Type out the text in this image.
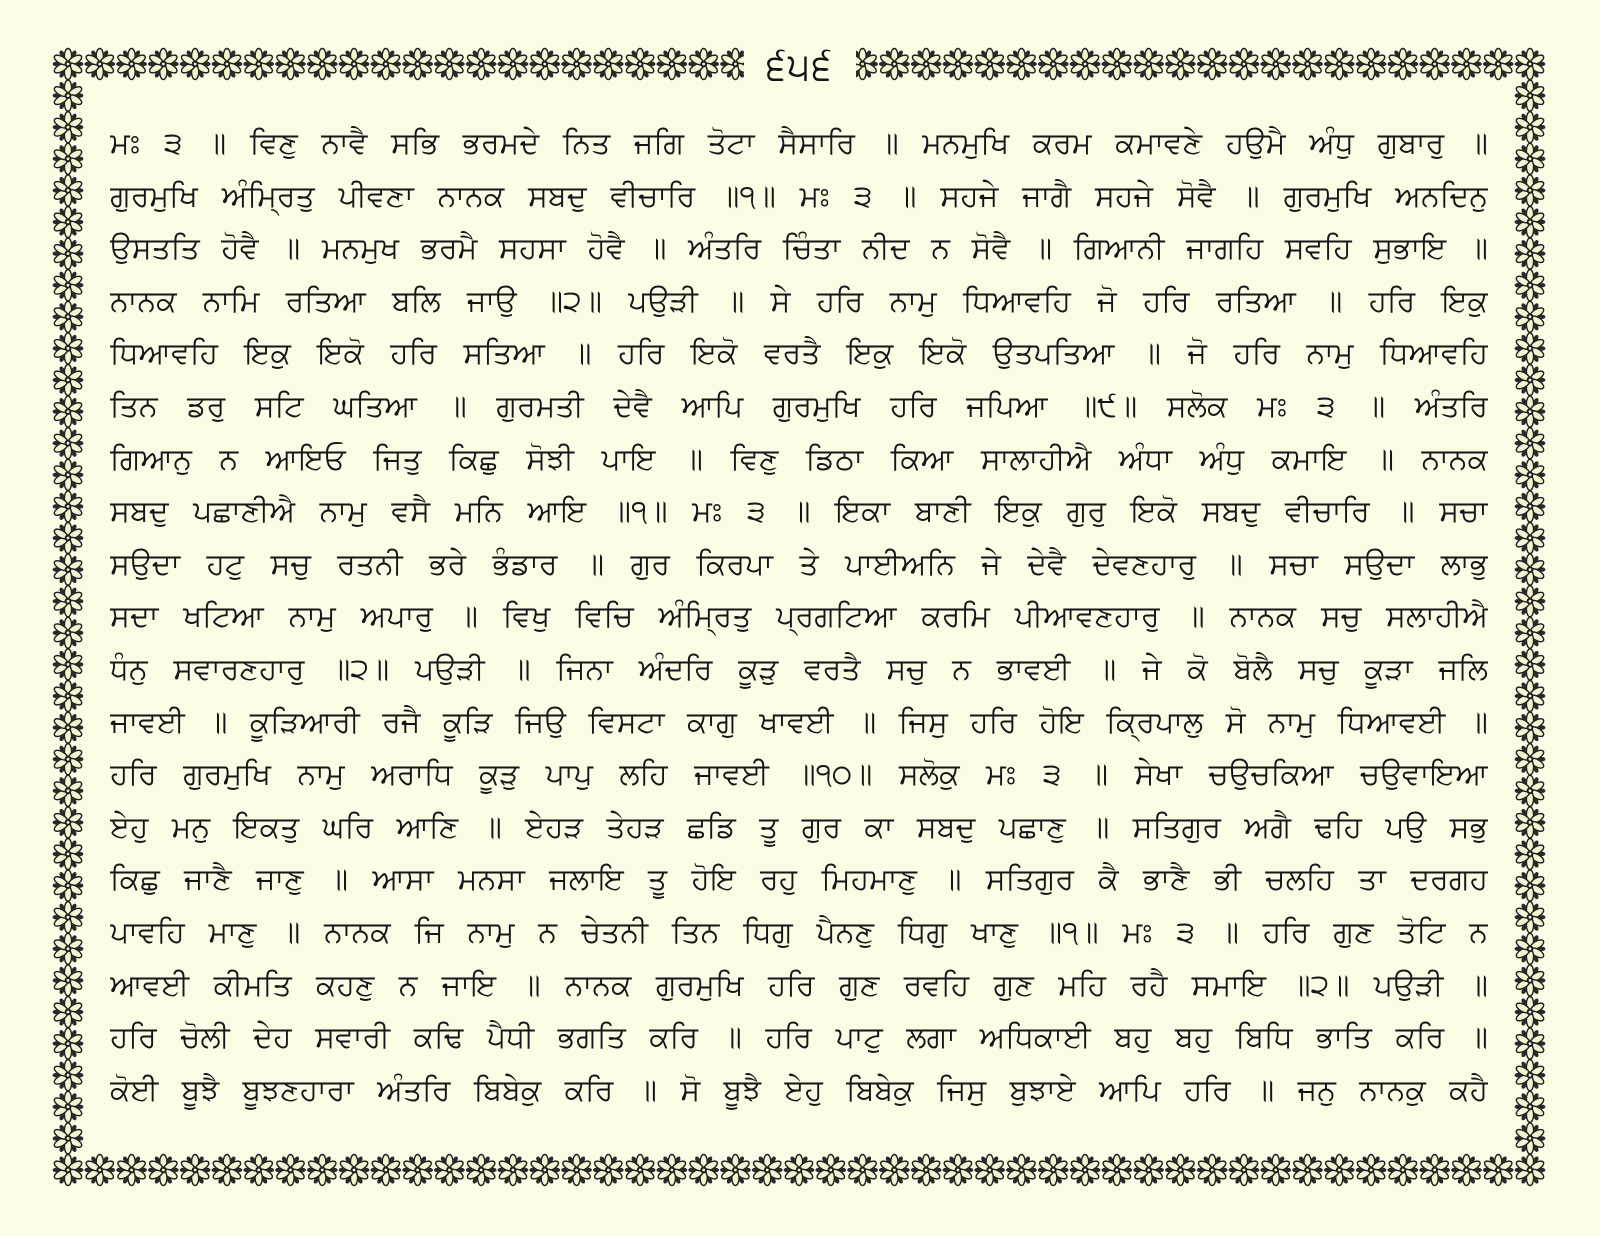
੬੫੬
ਮਃ ੩ ॥ ਵਿਣੁ ਨਾਵੈ ਸਭਿ ਭਰਮਦੇ ਨਿਤ ਜਗਿ ਤੋਟਾ ਸੈਸਾਰਿ ॥ ਮਨਮੁਖਿ ਕਰਮ ਕਮਾਵਣੇ ਹਉਮੈ ਅੰਧੁ ਗੁਬਾਰੁ ॥
ਗੁਰਮੁਖਿ ਅੰਮ੍ਰਿਤੁ ਪੀਵਣਾ ਨਾਨਕ ਸਬਦੁ ਵੀਚਾਰਿ ॥੧॥ ਮਃ ੩ ॥ ਸਹਜੇ ਜਾਗੈ ਸਹਜੇ ਸੋਵੈ ॥ ਗੁਰਮੁਖਿ ਅਨਦਿਨੁ
ਉਸਤਤਿ ਹੋਵੈ ॥ ਮਨਮੁਖ ਭਰਮੈ ਸਹਸਾ ਹੋਵੈ ॥ ਅੰਤਰਿ ਚਿੰਤਾ ਨੀਦ ਨ ਸੋਵੈ ॥ ਗਿਆਨੀ ਜਾਗਹਿ ਸਵਹਿ ਸੁਭਾਇ ॥
ਨਾਨਕ ਨਾਮਿ ਰਤਿਆ ਬਲਿ ਜਾਉ ॥੨॥ ਪਉੜੀ ॥ ਸੇ ਹਰਿ ਨਾਮੁ ਧਿਆਵਹਿ ਜੋ ਹਰਿ ਰਤਿਆ ॥ ਹਰਿ ਇਕੁ
ਧਿਆਵਹਿ ਇਕੁ ਇਕੋ ਹਰਿ ਸਤਿਆ ॥ ਹਰਿ ਇਕੋ ਵਰਤੈ ਇਕੁ ਇਕੋ ਉਤਪਤਿਆ ॥ ਜੋ ਹਰਿ ਨਾਮੁ ਧਿਆਵਹਿ
ਤਿਨ ਡਰੁ ਸਟਿ ਘਤਿਆ ॥ ਗੁਰਮਤੀ ਦੇਵੈ ਆਪਿ ਗੁਰਮੁਖਿ ਹਰਿ ਜਪਿਆ ॥੯॥ ਸਲੋਕ ਮਃ ੩ ॥ ਅੰਤਰਿ
ਗਿਆਨੁ ਨ ਆਇਓ ਜਿਤੁ ਕਿਛੁ ਸੋਝੀ ਪਾਇ ॥ ਵਿਣੁ ਡਿਠਾ ਕਿਆ ਸਾਲਾਹੀਐ ਅੰਧਾ ਅੰਧੁ ਕਮਾਇ ॥ ਨਾਨਕ
ਸਬਦੁ ਪਛਾਣੀਐ ਨਾਮੁ ਵਸੈ ਮਨਿ ਆਇ ॥੧॥ ਮਃ ੩ ॥ ਇਕਾ ਬਾਣੀ ਇਕੁ ਗੁਰੁ ਇਕੋ ਸਬਦੁ ਵੀਚਾਰਿ ॥ ਸਚਾ
ਸਉਦਾ ਹਟੁ ਸਚੁ ਰਤਨੀ ਭਰੇ ਭੰਡਾਰ ॥ ਗੁਰ ਕਿਰਪਾ ਤੇ ਪਾਈਅਨਿ ਜੇ ਦੇਵੈ ਦੇਵਣਹਾਰੁ ॥ ਸਚਾ ਸਉਦਾ ਲਾਭੁ
ਸਦਾ ਖਟਿਆ ਨਾਮੁ ਅਪਾਰੁ ॥ ਵਿਖੁ ਵਿਚਿ ਅੰਮ੍ਰਿਤੁ ਪ੍ਰਗਟਿਆ ਕਰਮਿ ਪੀਆਵਣਹਾਰੁ ॥ ਨਾਨਕ ਸਚੁ ਸਲਾਹੀਐ
ਧੰਨੁ ਸਵਾਰਣਹਾਰੁ ॥੨॥ ਪਉੜੀ ॥ ਜਿਨਾ ਅੰਦਰਿ ਕੂੜੁ ਵਰਤੈ ਸਚੁ ਨ ਭਾਵਈ ॥ ਜੇ ਕੋ ਬੋਲੈ ਸਚੁ ਕੂੜਾ ਜਲਿ
ਜਾਵਈ ॥ ਕੂੜਿਆਰੀ ਰਜੈ ਕੂੜਿ ਜਿਉ ਵਿਸਟਾ ਕਾਗੁ ਖਾਵਈ ॥ ਜਿਸੁ ਹਰਿ ਹੋਇ ਕ੍ਰਿਪਾਲੁ ਸੋ ਨਾਮੁ ਧਿਆਵਈ ॥
ਹਰਿ ਗੁਰਮੁਖਿ ਨਾਮੁ ਅਰਾਧਿ ਕੂੜੁ ਪਾਪੁ ਲਹਿ ਜਾਵਈ ॥੧੦॥ ਸਲੋਕੁ ਮਃ ੩ ॥ ਸੇਖਾ ਚਉਚਕਿਆ ਚਉਵਾਇਆ
ਏਹੁ ਮਨੁ ਇਕਤੁ ਘਰਿ ਆਣਿ ॥ ਏਹੜ ਤੇਹੜ ਛਡਿ ਤੂ ਗੁਰ ਕਾ ਸਬਦੁ ਪਛਾਣੁ ॥ ਸਤਿਗੁਰ ਅਗੈ ਢਹਿ ਪਉ ਸਭੁ
ਕਿਛੁ ਜਾਣੈ ਜਾਣੁ ॥ ਆਸਾ ਮਨਸਾ ਜਲਾਇ ਤੂ ਹੋਇ ਰਹੁ ਮਿਹਮਾਣੁ ॥ ਸਤਿਗੁਰ ਕੈ ਭਾਣੈ ਭੀ ਚਲਹਿ ਤਾ ਦਰਗਹ
ਪਾਵਹਿ ਮਾਣੁ ॥ ਨਾਨਕ ਜਿ ਨਾਮੁ ਨ ਚੇਤਨੀ ਤਿਨ ਧਿਗੁ ਪੈਨਣੁ ਧਿਗੁ ਖਾਣੁ ॥੧॥ ਮਃ ੩ ॥ ਹਰਿ ਗੁਣ ਤੋਟਿ ਨ
ਆਵਈ ਕੀਮਤਿ ਕਹਣੁ ਨ ਜਾਇ ॥ ਨਾਨਕ ਗੁਰਮੁਖਿ ਹਰਿ ਗੁਣ ਰਵਹਿ ਗੁਣ ਮਹਿ ਰਹੈ ਸਮਾਇ ॥੨॥ ਪਉੜੀ ॥
ਹਰਿ ਚੋਲੀ ਦੇਹ ਸਵਾਰੀ ਕਢਿ ਪੈਧੀ ਭਗਤਿ ਕਰਿ ॥ ਹਰਿ ਪਾਟੁ ਲਗਾ ਅਧਿਕਾਈ ਬਹੁ ਬਹੁ ਬਿਧਿ ਭਾਤਿ ਕਰਿ ॥
ਕੋਈ ਬੂਝੈ ਬੂਝਣਹਾਰਾ ਅੰਤਰਿ ਬਿਬੇਕੁ ਕਰਿ ॥ ਸੋ ਬੂਝੈ ਏਹੁ ਬਿਬੇਕੁ ਜਿਸੁ ਬੁਝਾਏ ਆਪਿ ਹਰਿ ॥ ਜਨੁ ਨਾਨਕੁ ਕਹੈ
